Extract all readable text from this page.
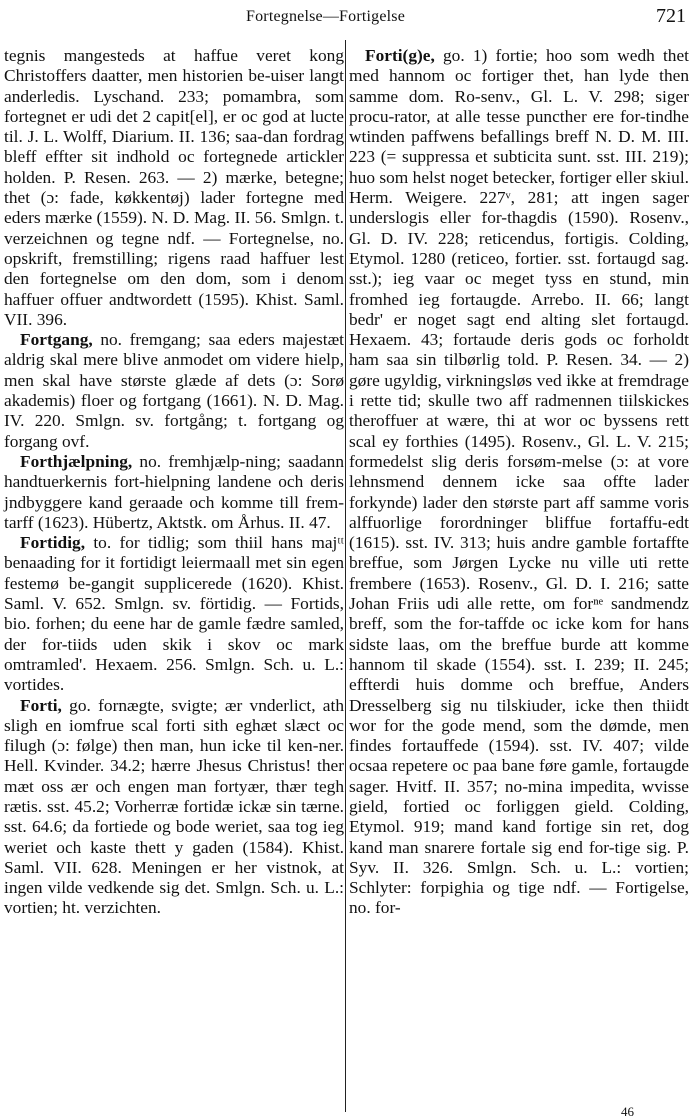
Fortegnelse—Fortigelse	721

tegnis mangesteds at haffue veret kong Christoffers daatter, men historien be-uiser langt anderledis. Lyschand. 233; pomambra, som fortegnet er udi det 2 capit[el], er oc god at lucte til. J. L. Wolff, Diarium. II. 136; saa-dan fordrag bleff effter sit indhold oc fortegnede artickler holden. P. Resen. 263. — 2) mærke, betegne; thet (ɔ: fade, køkkentøj) lader fortegne med eders mærke (1559). N. D. Mag. II. 56. Smlgn. t. verzeichnen og tegne ndf. — Fortegnelse, no. opskrift, fremstilling; rigens raad haffuer lest den fortegnelse om den dom, som i denom haffuer offuer andtwordett (1595). Khist. Saml. VII. 396.

Fortgang, no. fremgang; saa eders majestæt aldrig skal mere blive anmodet om videre hielp, men skal have største glæde af dets (ɔ: Sorø akademis) floer og fortgang (1661). N. D. Mag. IV. 220. Smlgn. sv. fortgång; t. fortgang og forgang ovf.

Forthjælpning, no. fremhjælp-ning; saadann handtuerkernis fort-hielpning landene och deris jndbyggere kand geraade och komme till frem-tarff (1623). Hübertz, Aktstk. om Århus. II. 47.

Fortidig, to. for tidlig; som thiil hans majᵗᵗ benaading for it fortidigt leiermaall met sin egen festemø be-gangit supplicerede (1620). Khist. Saml. V. 652. Smlgn. sv. förtidig. — Fortids, bio. forhen; du eene har de gamle fædre samled, der for-tiids uden skik i skov oc mark omtramled'. Hexaem. 256. Smlgn. Sch. u. L.: vortides.

Forti, go. fornægte, svigte; ær vnderlict, ath sligh en iomfrue scal forti sith eghæt slæct oc filugh (ɔ: følge) then man, hun icke til ken-ner. Hell. Kvinder. 34.2; hærre Jhesus Christus! ther mæt oss ær och engen man fortyær, thær tegh rætis. sst. 45.2; Vorherræ fortidæ ickæ sin tærne. sst. 64.6; da fortiede og bode weriet, saa tog ieg weriet och kaste thett y gaden (1584). Khist. Saml. VII. 628. Meningen er her vistnok, at ingen vilde vedkende sig det. Smlgn. Sch. u. L.: vortien; ht. verzichten.

Forti(g)e, go. 1) fortie; hoo som wedh thet med hannom oc fortiger thet, han lyde then samme dom. Ro-senv., Gl. L. V. 298; siger procu-rator, at alle tesse puncther ere for-tindhe wtinden paffwens befallings breff N. D. M. III. 223 (= suppressa et subticita sunt. sst. III. 219); huo som helst noget betecker, fortiger eller skiul. Herm. Weigere. 227ᵛ, 281; att ingen sager underslogis eller for-thagdis (1590). Rosenv., Gl. D. IV. 228; reticendus, fortigis. Colding, Etymol. 1280 (reticeo, fortier. sst. fortaugd sag. sst.); ieg vaar oc meget tyss en stund, min fromhed ieg fortaugde. Arrebo. II. 66; langt bedr' er noget sagt end alting slet fortaugd. Hexaem. 43; fortaude deris gods oc forholdt ham saa sin tilbørlig told. P. Resen. 34. — 2) gøre ugyldig, virkningsløs ved ikke at fremdrage i rette tid; skulle two aff radmennen tiilskickes theroffuer at wære, thi at wor oc byssens rett scal ey forthies (1495). Rosenv., Gl. L. V. 215; formedelst slig deris forsøm-melse (ɔ: at vore lehnsmend dennem icke saa offte lader forkynde) lader den største part aff samme voris alffuorlige forordninger bliffue fortaffu-edt (1615). sst. IV. 313; huis andre gamble fortaffte breffue, som Jørgen Lycke nu ville uti rette frembere (1653). Rosenv., Gl. D. I. 216; satte Johan Friis udi alle rette, om forⁿᵉ sandmendz breff, som the for-taffde oc icke kom for hans sidste laas, om the breffue burde att komme hannom til skade (1554). sst. I. 239; II. 245; effterdi huis domme och breffue, Anders Dresselberg sig nu tilskiuder, icke then thiidt wor for the gode mend, som the dømde, men findes fortauffede (1594). sst. IV. 407; vilde ocsaa repetere oc paa bane føre gamle, fortaugde sager. Hvitf. II. 357; no-mina impedita, wvisse gield, fortied oc forliggen gield. Colding, Etymol. 919; mand kand fortige sin ret, dog kand man snarere fortale sig end for-tige sig. P. Syv. II. 326. Smlgn. Sch. u. L.: vortien; Schlyter: forpighia og tige ndf. — Fortigelse, no. for-

46
